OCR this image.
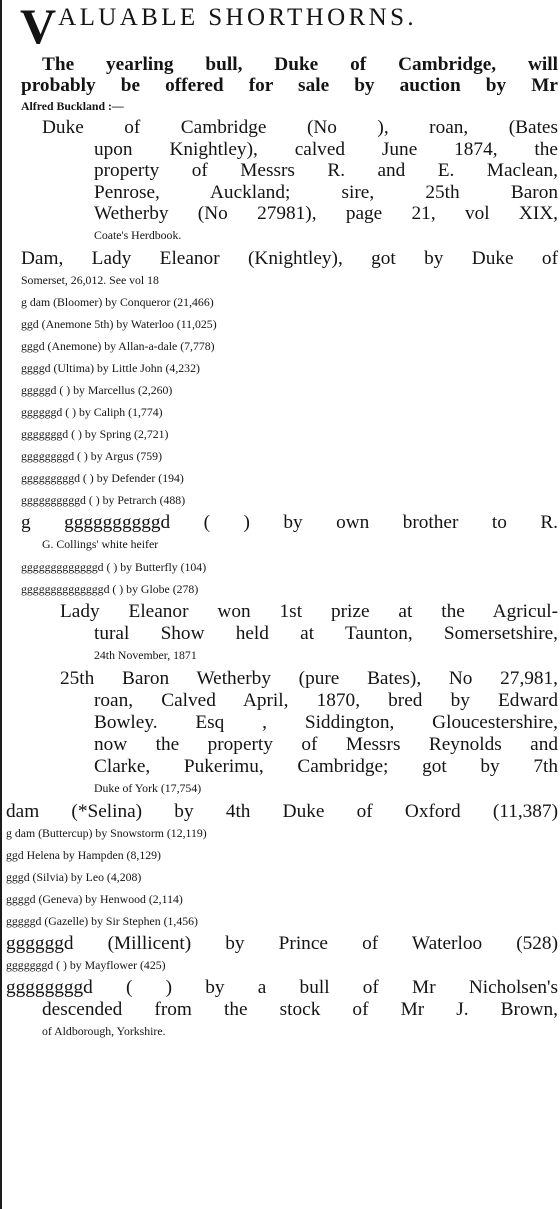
VALUABLE SHORTHORNS.
The yearling bull, Duke of Cambridge, will
probably be offered for sale by auction by Mr
Alfred Buckland :—
Duke of Cambridge (No ), roan, (Bates
upon Knightley), calved June 1874, the
property of Messrs R. and E. Maclean,
Penrose, Auckland; sire, 25th Baron
Wetherby (No 27981), page 21, vol XIX,
Coate's Herdbook.
Dam, Lady Eleanor (Knightley), got by Duke of
Somerset, 26,012. See vol 18
g dam (Bloomer) by Conqueror (21,466)
ggd (Anemone 5th) by Waterloo (11,025)
gggd (Anemone) by Allan-a-dale (7,778)
ggggd (Ultima) by Little John (4,232)
gggggd ( ) by Marcellus (2,260)
ggggggd ( ) by Caliph (1,774)
gggggggd ( ) by Spring (2,721)
ggggggggd ( ) by Argus (759)
gggggggggd ( ) by Defender (194)
ggggggggggd ( ) by Petrarch (488)
g ggggggggggd ( ) by own brother to R.
G. Collings' white heifer
gggggggggggggd ( ) by Butterfly (104)
ggggggggggggggd ( ) by Globe (278)
Lady Eleanor won 1st prize at the Agricul-
tural Show held at Taunton, Somersetshire,
24th November, 1871
25th Baron Wetherby (pure Bates), No 27,981,
roan, Calved April, 1870, bred by Edward
Bowley. Esq , Siddington, Gloucestershire,
now the property of Messrs Reynolds and
Clarke, Pukerimu, Cambridge; got by 7th
Duke of York (17,754)
dam (*Selina) by 4th Duke of Oxford (11,387)
g dam (Buttercup) by Snowstorm (12,119)
ggd Helena by Hampden (8,129)
gggd (Silvia) by Leo (4,208)
ggggd (Geneva) by Henwood (2,114)
gggggd (Gazelle) by Sir Stephen (1,456)
ggggggd (Millicent) by Prince of Waterloo (528)
gggggggd ( ) by Mayflower (425)
ggggggggd ( ) by a bull of Mr Nicholsen's
descended from the stock of Mr J. Brown,
of Aldborough, Yorkshire.
